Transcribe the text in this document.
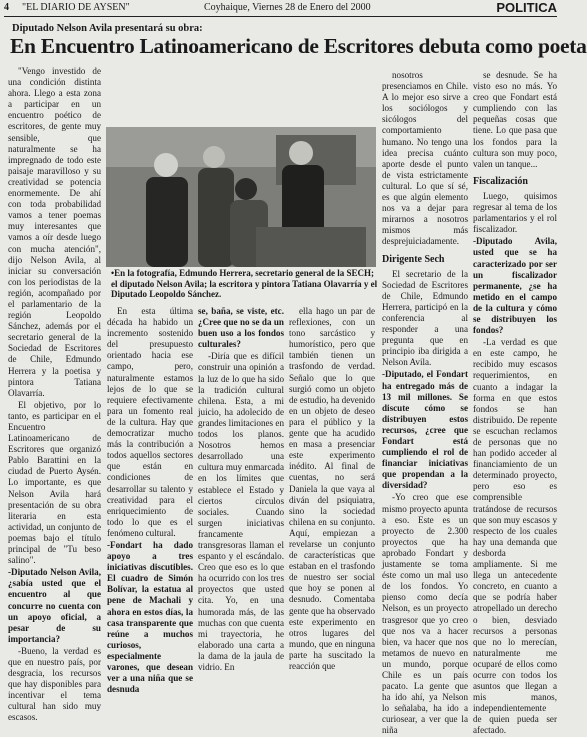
4 "EL DIARIO DE AYSEN"	Coyhaique, Viernes 28 de Enero del 2000	POLITICA
Diputado Nelson Avila presentará su obra:
En Encuentro Latinoamericano de Escritores debuta como poeta
•En la fotografía, Edmundo Herrera, secretario general de la SECH; el diputado Nelson Avila; la escritora y pintora Tatiana Olavarría y el Diputado Leopoldo Sánchez.

"Vengo investido de una condición distinta ahora. Llego a esta zona a participar en un encuentro poético de escritores, de gente muy sensible, que naturalmente se ha impregnado de todo este paisaje maravilloso y su creatividad se potencia enormemente. De ahí con toda probabilidad vamos a tener poemas muy interesantes que vamos a oír desde luego con mucha atención", dijo Nelson Avila, al iniciar su conversación con los periodistas de la región, acompañado por el parlamentario de la región Leopoldo Sánchez, además por el secretario general de la Sociedad de Escritores de Chile, Edmundo Herrera y la poetisa y pintora Tatiana Olavarría.

El objetivo, por lo tanto, es participar en el Encuentro Latinoamericano de Escritores que organizó Pablo Barattini en la ciudad de Puerto Aysén. Lo importante, es que Nelson Avila hará presentación de su obra literaria en esta actividad, un conjunto de poemas bajo el título principal de "Tu beso salino".

-Diputado Nelson Avila, ¿sabía usted que el encuentro al que concurre no cuenta con un apoyo oficial, a pesar de su importancia?

-Bueno, la verdad es que en nuestro país, por desgracia, los recursos que hay disponibles para incentivar el tema cultural han sido muy escasos.

En esta última década ha habido un incremento sostenido del presupuesto orientado hacia ese campo, pero, naturalmente estamos lejos de lo que se requiere efectivamente para un fomento real de la cultura. Hay que democratizar mucho más la contribución a todos aquellos sectores que están en condiciones de desarrollar su talento y creatividad para el enriquecimiento de todo lo que es el fenómeno cultural.

-Fondart ha dado apoyo a tres iniciativas discutibles. El cuadro de Simón Bolívar, la estatua al pene de Machali y ahora en estos días, la casa transparente que reúne a muchos curiosos, especialmente varones, que desean ver a una niña que se desnuda

se, baña, se viste, etc. ¿Cree que no se da un buen uso a los fondos culturales?

-Diría que es difícil construir una opinión a la luz de lo que ha sido la tradición cultural chilena. Esta, a mi juicio, ha adolecido de grandes limitaciones en todos los planos. Nosotros hemos desarrollado una cultura muy enmarcada en los límites que establece el Estado y ciertos círculos sociales. Cuando surgen iniciativas francamente transgresoras llaman el espanto y el escándalo. Creo que eso es lo que ha ocurrido con los tres proyectos que usted cita. Yo, en una humorada más, de las muchas con que cuenta mi trayectoria, he elaborado una carta a la dama de la jaula de vidrio. En

ella hago un par de reflexiones, con un tono sarcástico y humorístico, pero que también tienen un trasfondo de verdad. Señalo que lo que surgió como un objeto de estudio, ha devenido en un objeto de deseo para el público y la gente que ha acudido en masa a presenciar este experimento inédito. Al final de cuentas, no será Daniela la que vaya al diván del psiquiatra, sino la sociedad chilena en su conjunto. Aquí, empiezan a revelarse un conjunto de características que estaban en el trasfondo de nuestro ser social que hoy se ponen al desnudo. Comentaba gente que ha observado este experimento en otros lugares del mundo, que en ninguna parte ha suscitado la reacción que

nosotros presenciamos en Chile. A lo mejor eso sirve a los sociólogos y sicólogos del comportamiento humano. No tengo una idea precisa cuánto aporte desde el punto de vista estrictamente cultural. Lo que sí sé, es que algún elemento nos va a dejar para mirarnos a nosotros mismos más desprejuiciadamente.

Dirigente Sech

El secretario de la Sociedad de Escritores de Chile, Edmundo Herrera, participó en la conferencia al responder a una pregunta que en principio iba dirigida a Nelson Avila.

-Diputado, el Fondart ha entregado más de 13 mil millones. Se discute cómo se distribuyen estos recursos, ¿cree que Fondart está cumpliendo el rol de financiar iniciativas que propendan a la diversidad?

-Yo creo que ese mismo proyecto apunta a eso. Este es un proyecto de 2.300 proyectos que ha aprobado Fondart y justamente se toma éste como un mal uso de los fondos. Yo pienso como decía Nelson, es un proyecto trasgresor que yo creo que nos va a hacer bien, va hacer que nos metamos de nuevo en un mundo, porque Chile es un país pacato. La gente que ha ido ahí, ya Nelson lo señalaba, ha ido a curiosear, a ver que la niña

se desnude. Se ha visto eso no más. Yo creo que Fondart está cumpliendo con las pequeñas cosas que tiene. Lo que pasa que los fondos para la cultura son muy poco, valen un tanque...

Fiscalización

Luego, quisimos regresar al tema de los parlamentarios y el rol fiscalizador.

-Diputado Avila, usted que se ha caracterizado por ser un fiscalizador permanente, ¿se ha metido en el campo de la cultura y cómo se distribuyen los fondos?

-La verdad es que en este campo, he recibido muy escasos requerimientos, en cuanto a indagar la forma en que estos fondos se han distribuido. De repente se escuchan reclamos de personas que no han podido acceder al financiamiento de un determinado proyecto, pero eso es comprensible tratándose de recursos que son muy escasos y respecto de los cuales hay una demanda que desborda ampliamente. Si me llega un antecedente concreto, en cuanto a que se podría haber atropellado un derecho o bien, desviado recursos a personas que no lo merecían, naturalmente me ocuparé de ellos como ocurre con todos los asuntos que llegan a mis manos, independientemente de quien pueda ser afectado.
